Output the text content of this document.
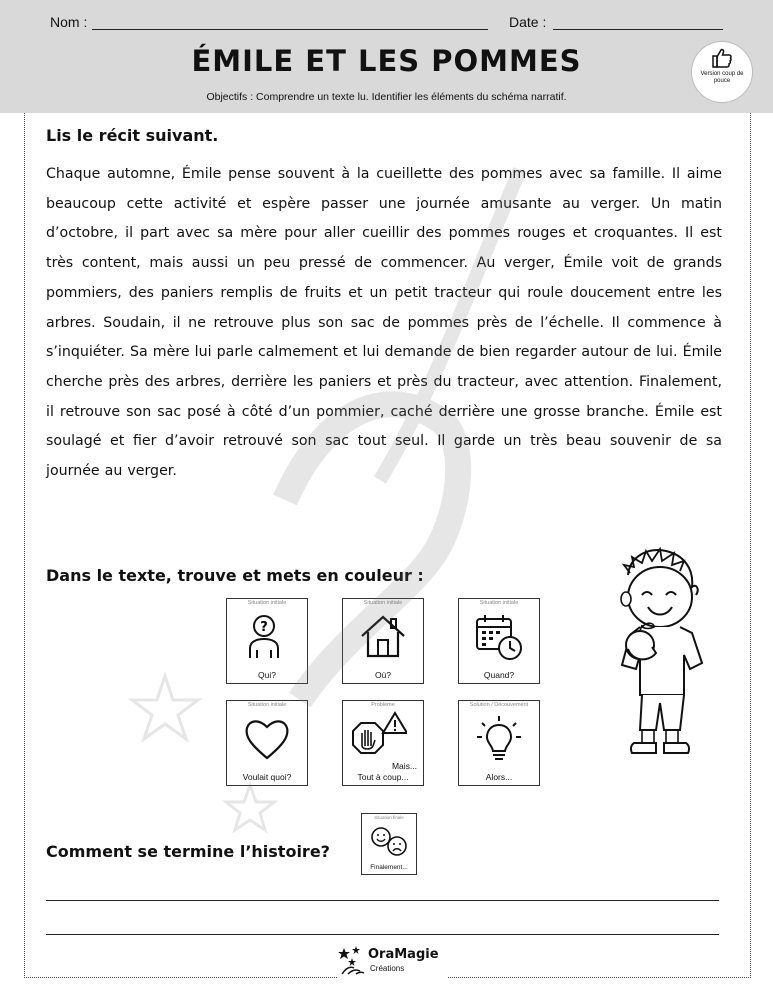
Nom :	Date :
ÉMILE ET LES POMMES
Objectifs : Comprendre un texte lu. Identifier les éléments du schéma narratif.
Version coup de pouce
Lis le récit suivant.
Chaque automne, Émile pense souvent à la cueillette des pommes avec sa famille. Il aime beaucoup cette activité et espère passer une journée amusante au verger. Un matin d’octobre, il part avec sa mère pour aller cueillir des pommes rouges et croquantes. Il est très content, mais aussi un peu pressé de commencer. Au verger, Émile voit de grands pommiers, des paniers remplis de fruits et un petit tracteur qui roule doucement entre les arbres. Soudain, il ne retrouve plus son sac de pommes près de l’échelle. Il commence à s’inquiéter. Sa mère lui parle calmement et lui demande de bien regarder autour de lui. Émile cherche près des arbres, derrière les paniers et près du tracteur, avec attention. Finalement, il retrouve son sac posé à côté d’un pommier, caché derrière une grosse branche. Émile est soulagé et fier d’avoir retrouvé son sac tout seul. Il garde un très beau souvenir de sa journée au verger.
Dans le texte, trouve et mets en couleur :
Situation initiale
?
Qui?
Situation initiale
Où?
Situation initiale
Quand?
Situation initiale
Voulait quoi?
Problème
Mais...
Tout à coup...
Solution / Découvement
Alors...
Comment se termine l’histoire?
Situation finale
Finalement...
OraMagie
Créations
